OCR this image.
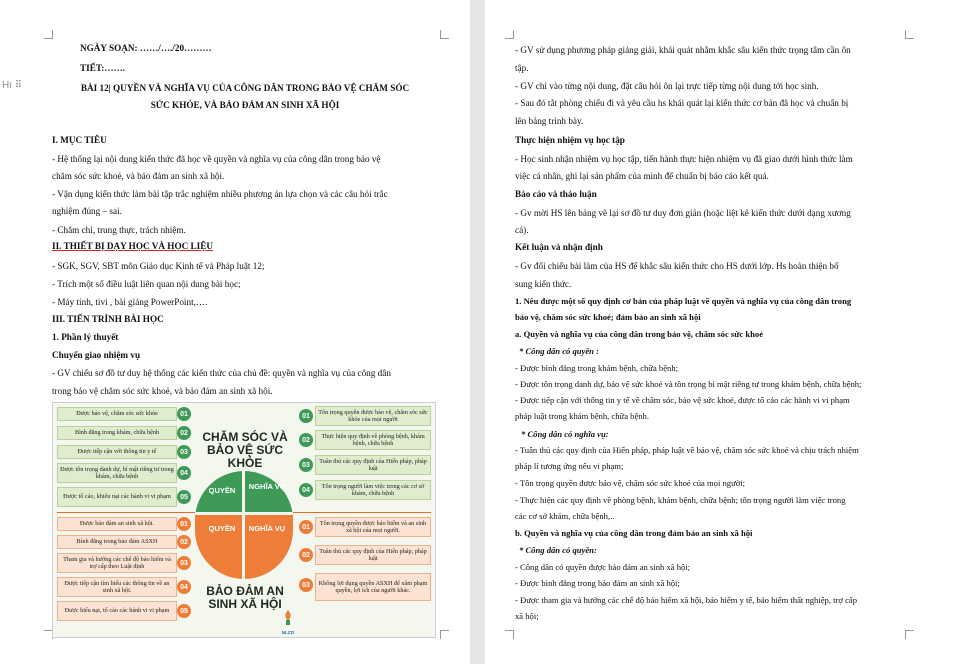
Hı ⠿
NGÀY SOẠN: ……/…./20………
TIẾT:…….
BÀI 12| QUYỀN VÀ NGHĨA VỤ CỦA CÔNG DÂN TRONG BẢO VỆ CHĂM SÓC
SỨC KHỎE, VÀ BẢO ĐẢM AN SINH XÃ HỘI
I. MỤC TIÊU
- Hệ thống lại nội dung kiến thức đã học về quyền và nghĩa vụ của công dân trong bảo vệ
chăm sóc sức khoẻ, và bảo đảm an sinh xã hội.
- Vận dụng kiến thức làm bài tập trắc nghiệm nhiều phương án lựa chọn và các câu hỏi trắc
nghiệm đúng – sai.
- Chăm chỉ, trung thực, trách nhiệm.
II. THIẾT BỊ DẠY HỌC VÀ HỌC LIỆU
- SGK, SGV, SBT môn Giáo dục Kinh tế và Pháp luật 12;
- Trích một số điều luật liên quan nội dung bài học;
- Máy tính, tivi , bài giảng PowerPoint,….
III. TIẾN TRÌNH BÀI HỌC
1. Phần lý thuyết
Chuyển giao nhiệm vụ
- GV chiếu sơ đồ tư duy hệ thống các kiến thức của chủ đề: quyền và nghĩa vụ của công dân
trong bảo vệ chăm sóc sức khoẻ, và bảo đảm an sinh xã hội.
Được bảo vệ, chăm sóc sức khỏe	01
Bình đẳng trong khám, chữa bệnh	02
Được tiếp cận với thông tin y tế	03
Được tôn trọng danh dự, bí mật riêng tư trong khám, chữa bệnh	04
Được tố cáo, khiếu nại các hành vi vi phạm	05
01
Tôn trọng quyền được bảo vệ, chăm sóc sức khỏe của mọi người
02
Thực hiện quy định về phòng bệnh, khám bệnh, chữa bệnh
03
Tuân thủ các quy định của Hiến pháp, pháp luật
04
Tôn trọng người làm việc trong các cơ sở khám, chữa bệnh
Được bảo đảm an sinh xã hội.	01
Bình đẳng trong bảo đảm ASXH	02
Tham gia và hưởng các chế độ bảo hiểm và trợ cấp theo Luật định	03
Được tiếp cận tìm hiểu các thông tin về an sinh xã hội.	04
Được hiểu nại, tố cáo các hành vi vi phạm	05
01
Tôn trọng quyền được bảo hiểm và an sinh xã hội của mọi người.
02
Tuân thủ các quy định của Hiến pháp, pháp luật
03	Không lợi dụng quyền ASXH để xâm phạm quyền, lợi ích của người khác.
CHĂM SÓC VÀ BẢO VỆ SỨC KHỎE
QUYỀN	NGHĨA VỤ
QUYỀN	NGHĨA VỤ
BẢO ĐẢM AN SINH XÃ HỘI
NLCD
- GV sử dụng phương pháp giảng giải, khái quát nhằm khắc sâu kiến thức trọng tâm cần ôn
tập.
- GV chỉ vào từng nội dung, đặt câu hỏi ôn lại trực tiếp từng nội dung tới học sinh.
- Sau đó tắt phòng chiếu đi và yêu cầu hs khái quát lại kiến thức cơ bản đã học và chuẩn bị
lên bảng trình bày.
Thực hiện nhiệm vụ học tập
- Học sinh nhận nhiệm vụ học tập, tiến hành thực hiện nhiệm vụ đã giao dưới hình thức làm
việc cá nhân, ghi lại sản phẩm của mình để chuẩn bị báo cáo kết quả.
Báo cáo và thảo luận
- Gv mời HS lên bảng vẽ lại sơ đồ tư duy đơn giản (hoặc liệt kê kiến thức dưới dạng xương
cá).
Kết luận và nhận định
- Gv đối chiếu bài làm của HS để khắc sâu kiến thức cho HS dưới lớp. Hs hoàn thiện bổ
sung kiến thức.
1. Nêu được một số quy định cơ bản của pháp luật về quyền và nghĩa vụ của công dân trong
bảo vệ, chăm sóc sức khoẻ; đảm bảo an sinh xã hội
a. Quyền và nghĩa vụ của công dân trong bảo vệ, chăm sóc sức khoẻ
* Công dân có quyền :
- Được bình đẳng trong khám bệnh, chữa bệnh;
- Được tôn trọng danh dự, bảo vệ sức khoẻ và tôn trọng bí mật riêng tư trong khám bệnh, chữa bệnh;
- Được tiếp cận với thông tin y tế về chăm sóc, bảo vệ sức khoẻ, được tố cáo các hành vi vi phạm
pháp luật trong khám bệnh, chữa bệnh.
* Công dân có nghĩa vụ:
- Tuân thủ các quy định của Hiến pháp, pháp luật về bảo vệ, chăm sóc sức khoẻ và chịu trách nhiệm
pháp lí tương ứng nếu vi phạm;
- Tôn trọng quyền được bảo vệ, chăm sóc sức khoẻ của mọi người;
- Thực hiện các quy định về phòng bệnh, khám bệnh, chữa bệnh; tôn trọng người làm việc trong
các cơ sở khám, chữa bệnh,..
b. Quyền và nghĩa vụ của công dân trong đảm bảo an sinh xã hội
* Công dân có quyền:
- Công dân có quyền được bảo đảm an sinh xã hội;
- Được bình đẳng trong bảo đảm an sinh xã hội;
- Được tham gia và hưởng các chế độ bảo hiểm xã hội, bảo hiểm y tế, bảo hiểm thất nghiệp, trợ cấp
xã hội;
